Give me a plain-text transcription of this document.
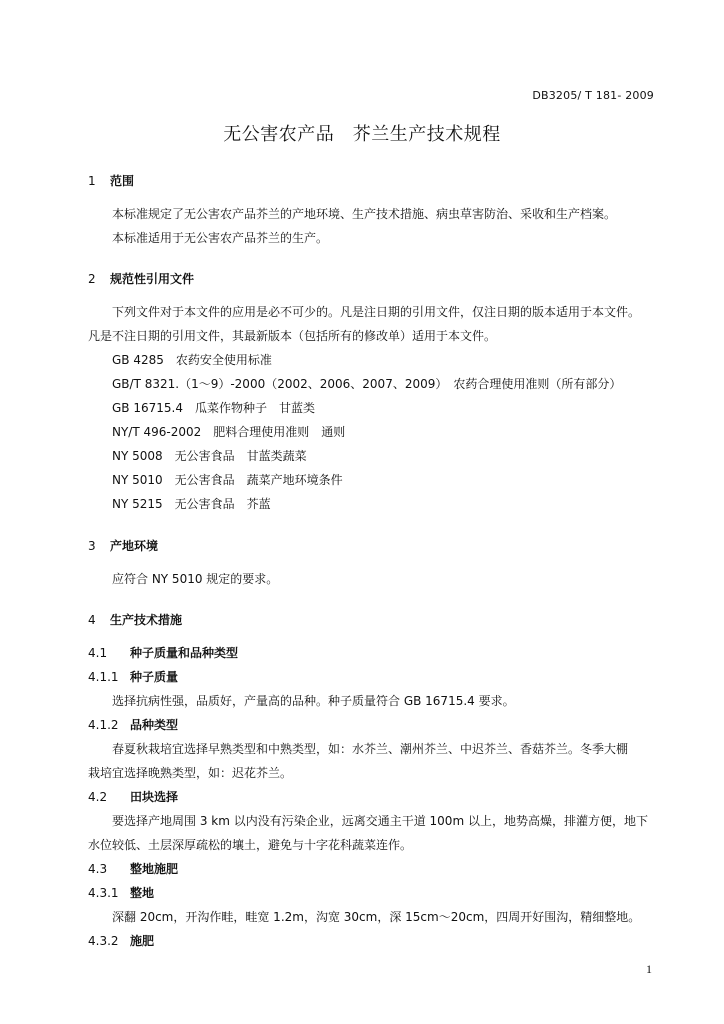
DB3205/ T 181- 2009
无公害农产品　芥兰生产技术规程
1 范围
本标准规定了无公害农产品芥兰的产地环境、生产技术措施、病虫草害防治、采收和生产档案。
本标准适用于无公害农产品芥兰的生产。
2 规范性引用文件
下列文件对于本文件的应用是必不可少的。凡是注日期的引用文件，仅注日期的版本适用于本文件。
凡是不注日期的引用文件，其最新版本（包括所有的修改单）适用于本文件。
GB 4285　农药安全使用标准
GB/T 8321.（1～9）-2000（2002、2006、2007、2009）　农药合理使用准则（所有部分）
GB 16715.4　瓜菜作物种子　甘蓝类
NY/T 496-2002　肥料合理使用准则　通则
NY 5008　无公害食品　甘蓝类蔬菜
NY 5010　无公害食品　蔬菜产地环境条件
NY 5215　无公害食品　芥蓝
3 产地环境
应符合 NY 5010 规定的要求。
4 生产技术措施
4.1 种子质量和品种类型
4.1.1 种子质量
选择抗病性强，品质好，产量高的品种。种子质量符合 GB 16715.4 要求。
4.1.2 品种类型
春夏秋栽培宜选择早熟类型和中熟类型，如：水芥兰、潮州芥兰、中迟芥兰、香菇芥兰。冬季大棚
栽培宜选择晚熟类型，如：迟花芥兰。
4.2 田块选择
要选择产地周围 3 km 以内没有污染企业，远离交通主干道 100m 以上，地势高燥，排灌方便，地下
水位较低、土层深厚疏松的壤土，避免与十字花科蔬菜连作。
4.3 整地施肥
4.3.1 整地
深翻 20cm，开沟作畦，畦宽 1.2m，沟宽 30cm，深 15cm～20cm，四周开好围沟，精细整地。
4.3.2 施肥
1
